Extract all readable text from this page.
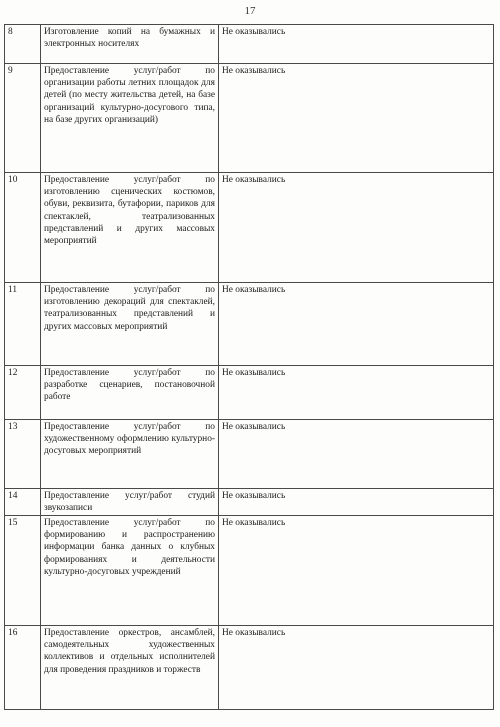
17
8	Изготовление копий на бумажных и электронных носителях	Не оказывались
9	Предоставление услуг/работ по организации работы летних площадок для детей (по месту жительства детей, на базе организаций культурно-досугового типа, на базе других организаций)	Не оказывались
10	Предоставление услуг/работ по изготовлению сценических костюмов, обуви, реквизита, бутафории, париков для спектаклей, театрализованных представлений и других массовых мероприятий	Не оказывались
11	Предоставление услуг/работ по изготовлению декораций для спектаклей, театрализованных представлений и других массовых мероприятий	Не оказывались
12	Предоставление услуг/работ по разработке сценариев, постановочной работе	Не оказывались
13	Предоставление услуг/работ по художественному оформлению культурно-досуговых мероприятий	Не оказывались
14	Предоставление услуг/работ студий звукозаписи	Не оказывались
15	Предоставление услуг/работ по формированию и распространению информации банка данных о клубных формированиях и деятельности культурно-досуговых учреждений	Не оказывались
16	Предоставление оркестров, ансамблей, самодеятельных художественных коллективов и отдельных исполнителей для проведения праздников и торжеств	Не оказывались
